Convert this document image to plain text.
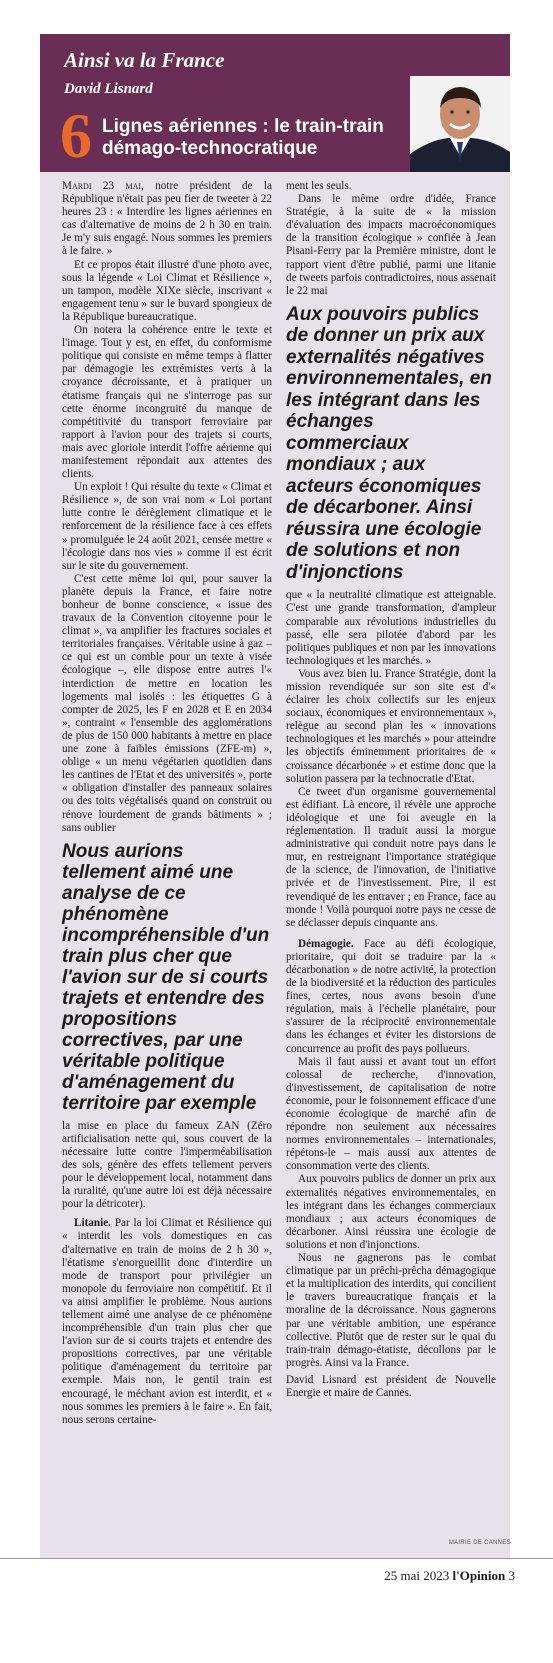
Ainsi va la France
David Lisnard
6 Lignes aériennes : le train-train démago-technocratique

Mardi 23 mai, notre président de la République n'était pas peu fier de tweeter à 22 heures 23 : « Interdire les lignes aériennes en cas d'alternative de moins de 2 h 30 en train. Je m'y suis engagé. Nous sommes les premiers à le faire. »

Et ce propos était illustré d'une photo avec, sous la légende « Loi Climat et Résilience », un tampon, modèle XIXe siècle, inscrivant « engagement tenu » sur le buvard spongieux de la République bureaucratique.

On notera la cohérence entre le texte et l'image. Tout y est, en effet, du conformisme politique qui consiste en même temps à flatter par démagogie les extrémistes verts à la croyance décroissante, et à pratiquer un étatisme français qui ne s'interroge pas sur cette énorme incongruité du manque de compétitivité du transport ferroviaire par rapport à l'avion pour des trajets si courts, mais avec gloriole interdit l'offre aérienne qui manifestement répondait aux attentes des clients.

Un exploit ! Qui résulte du texte « Climat et Résilience », de son vrai nom « Loi portant lutte contre le dérèglement climatique et le renforcement de la résilience face à ces effets » promulguée le 24 août 2021, censée mettre « l'écologie dans nos vies » comme il est écrit sur le site du gouvernement.

C'est cette même loi qui, pour sauver la planète depuis la France, et faire notre bonheur de bonne conscience, « issue des travaux de la Convention citoyenne pour le climat », va amplifier les fractures sociales et territoriales françaises. Véritable usine à gaz – ce qui est un comble pour un texte à visée écologique –, elle dispose entre autres l'« interdiction de mettre en location les logements mal isolés : les étiquettes G à compter de 2025, les F en 2028 et E en 2034 », contraint « l'ensemble des agglomérations de plus de 150 000 habitants à mettre en place une zone à faibles émissions (ZFE-m) », oblige « un menu végétarien quotidien dans les cantines de l'Etat et des universités », porte « obligation d'installer des panneaux solaires ou des toits végétalisés quand on construit ou rénove lourdement de grands bâtiments » ; sans oublier

Nous aurions tellement aimé une analyse de ce phénomène incompréhensible d'un train plus cher que l'avion sur de si courts trajets et entendre des propositions correctives, par une véritable politique d'aménagement du territoire par exemple

la mise en place du fameux ZAN (Zéro artificialisation nette qui, sous couvert de la nécessaire lutte contre l'imperméabilisation des sols, génère des effets tellement pervers pour le développement local, notamment dans la ruralité, qu'une autre loi est déjà nécessaire pour la détricoter).

Litanie. Par la loi Climat et Résilience qui « interdit les vols domestiques en cas d'alternative en train de moins de 2 h 30 », l'étatisme s'enorgueillit donc d'interdire un mode de transport pour privilégier un monopole du ferroviaire non compétitif. Et il va ainsi amplifier le problème. Nous aurions tellement aimé une analyse de ce phénomène incompréhensible d'un train plus cher que l'avion sur de si courts trajets et entendre des propositions correctives, par une véritable politique d'aménagement du territoire par exemple. Mais non, le gentil train est encouragé, le méchant avion est interdit, et « nous sommes les premiers à le faire ». En fait, nous serons certaine-

ment les seuls.

Dans le même ordre d'idée, France Stratégie, à la suite de « la mission d'évaluation des impacts macroéconomiques de la transition écologique » confiée à Jean Pisani-Ferry par la Première ministre, dont le rapport vient d'être publié, parmi une litanie de tweets parfois contradictoires, nous assenait le 22 mai

Aux pouvoirs publics de donner un prix aux externalités négatives environnementales, en les intégrant dans les échanges commerciaux mondiaux ; aux acteurs économiques de décarboner. Ainsi réussira une écologie de solutions et non d'injonctions

que « la neutralité climatique est atteignable. C'est une grande transformation, d'ampleur comparable aux révolutions industrielles du passé, elle sera pilotée d'abord par les politiques publiques et non par les innovations technologiques et les marchés. »

Vous avez bien lu. France Stratégie, dont la mission revendiquée sur son site est d'« éclairer les choix collectifs sur les enjeux sociaux, économiques et environnementaux », relègue au second plan les « innovations technologiques et les marchés » pour atteindre les objectifs éminemment prioritaires de « croissance décarbonée » et estime donc que la solution passera par la technocratie d'Etat.

Ce tweet d'un organisme gouvernemental est édifiant. Là encore, il révèle une approche idéologique et une foi aveugle en la réglementation. Il traduit aussi la morgue administrative qui conduit notre pays dans le mur, en restreignant l'importance stratégique de la science, de l'innovation, de l'initiative privée et de l'investissement. Pire, il est revendiqué de les entraver ; en France, face au monde ! Voilà pourquoi notre pays ne cesse de se déclasser depuis cinquante ans.

Démagogie. Face au défi écologique, prioritaire, qui doit se traduire par la « décarbonation » de notre activité, la protection de la biodiversité et la réduction des particules fines, certes, nous avons besoin d'une régulation, mais à l'échelle planétaire, pour s'assurer de la réciprocité environnementale dans les échanges et éviter les distorsions de concurrence au profit des pays pollueurs.

Mais il faut aussi et avant tout un effort colossal de recherche, d'innovation, d'investissement, de capitalisation de notre économie, pour le foisonnement efficace d'une économie écologique de marché afin de répondre non seulement aux nécessaires normes environnementales – internationales, répétons-le – mais aussi aux attentes de consommation verte des clients.

Aux pouvoirs publics de donner un prix aux externalités négatives environnementales, en les intégrant dans les échanges commerciaux mondiaux ; aux acteurs économiques de décarboner. Ainsi réussira une écologie de solutions et non d'injonctions.

Nous ne gagnerons pas le combat climatique par un prêchi-prêcha démagogique et la multiplication des interdits, qui concilient le travers bureaucratique français et la moraline de la décroissance. Nous gagnerons par une véritable ambition, une espérance collective. Plutôt que de rester sur le quai du train-train démago-étatiste, décollons par le progrès. Ainsi va la France.

David Lisnard est président de Nouvelle Energie et maire de Cannes.

MAIRIE DE CANNES
25 mai 2023 l'Opinion 3
